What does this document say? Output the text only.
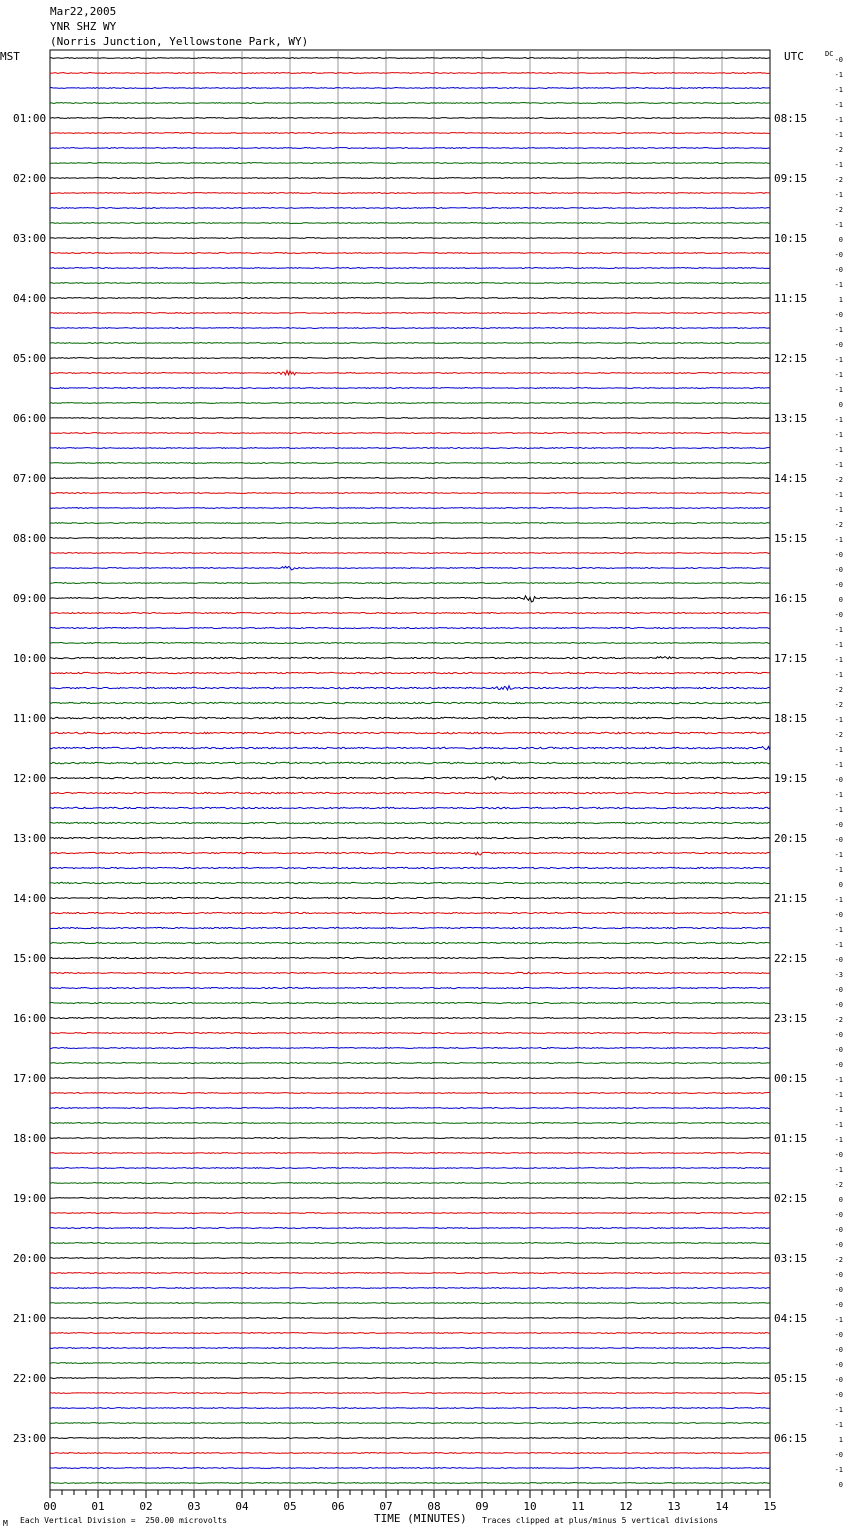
Mar22,2005
YNR SHZ WY
(Norris Junction, Yellowstone Park, WY)
MST	UTC	-0
-1
-1
-1
-1
-1
-2
-1
-2
-1
-2
-1
0
-0
-0
-1
1
-0
-1
-0
-1
-1
-1
0
-1
-1
-1
-1
-2
-1
-1
-2
-1
-0
-0
-0
0
-0
-1
-1
-1
-1
-2
-2
-1
-2
-1
-1
-0
-1
-1
-0
-0
-1
-1
0
-1
-0
-1
-1
-0
-3
-0
-0
-2
-0
-0
-0
-1
-1
-1
-1
-1
-0
-1
-2
0
-0
-0
-0
-2
-0
-0
-0
-1
-0
-0
-0
-0
-0
-1
-1
1
-0
-1
0
DC
01:00
02:00
03:00
04:00
05:00
06:00
07:00
08:00
09:00
10:00
11:00
12:00
13:00
14:00
15:00
16:00
17:00
18:00
19:00
20:00
21:00
22:00
23:00
08:15
09:15
10:15
11:15
12:15
13:15
14:15
15:15
16:15
17:15
18:15
19:15
20:15
21:15
22:15
23:15
00:15
01:15
02:15
03:15
04:15
05:15
06:15
00	01	02	03	04	05	06	07	08	09	10	11	12	13	14	15
M Each Vertical Division =  250.00 microvolts	TIME (MINUTES) Traces clipped at plus/minus 5 vertical divisions
